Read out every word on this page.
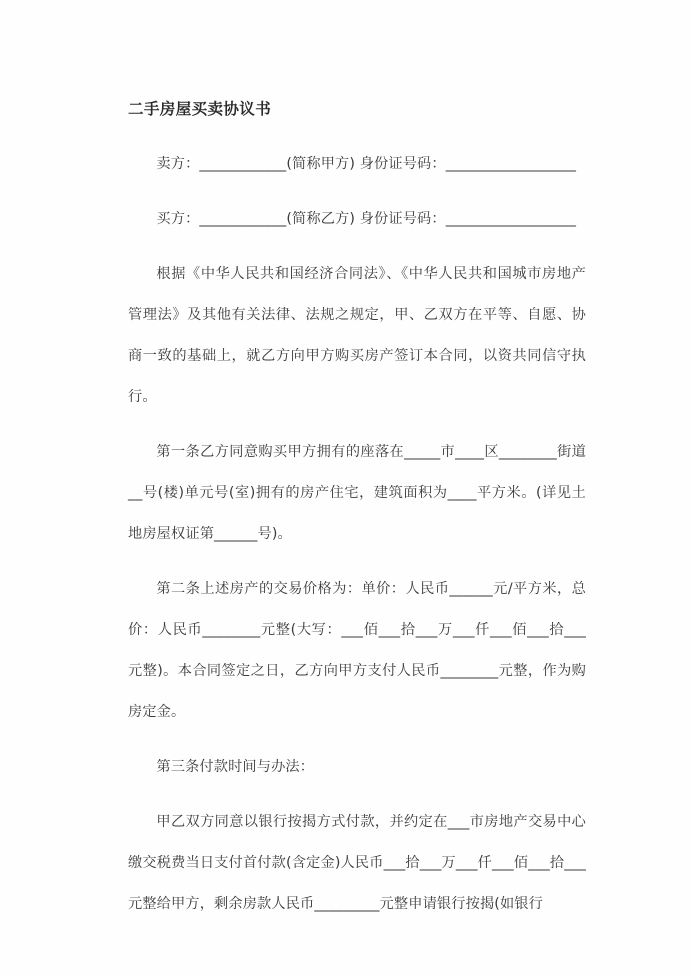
二手房屋买卖协议书

卖方：____________(简称甲方) 身份证号码：__________________

买方：____________(简称乙方) 身份证号码：__________________

根据《中华人民共和国经济合同法》、《中华人民共和国城市房地产管理法》及其他有关法律、法规之规定，甲、乙双方在平等、自愿、协商一致的基础上，就乙方向甲方购买房产签订本合同，以资共同信守执行。

第一条乙方同意购买甲方拥有的座落在_____市____区________街道__号(楼)单元号(室)拥有的房产住宅，建筑面积为____平方米。(详见土地房屋权证第______号)。

第二条上述房产的交易价格为：单价：人民币______元/平方米，总价：人民币________元整(大写：___佰___拾___万___仟___佰___拾___元整)。本合同签定之日，乙方向甲方支付人民币________元整，作为购房定金。

第三条付款时间与办法：

甲乙双方同意以银行按揭方式付款，并约定在___市房地产交易中心缴交税费当日支付首付款(含定金)人民币___拾___万___仟___佰___拾___元整给甲方，剩余房款人民币_________元整申请银行按揭(如银行
